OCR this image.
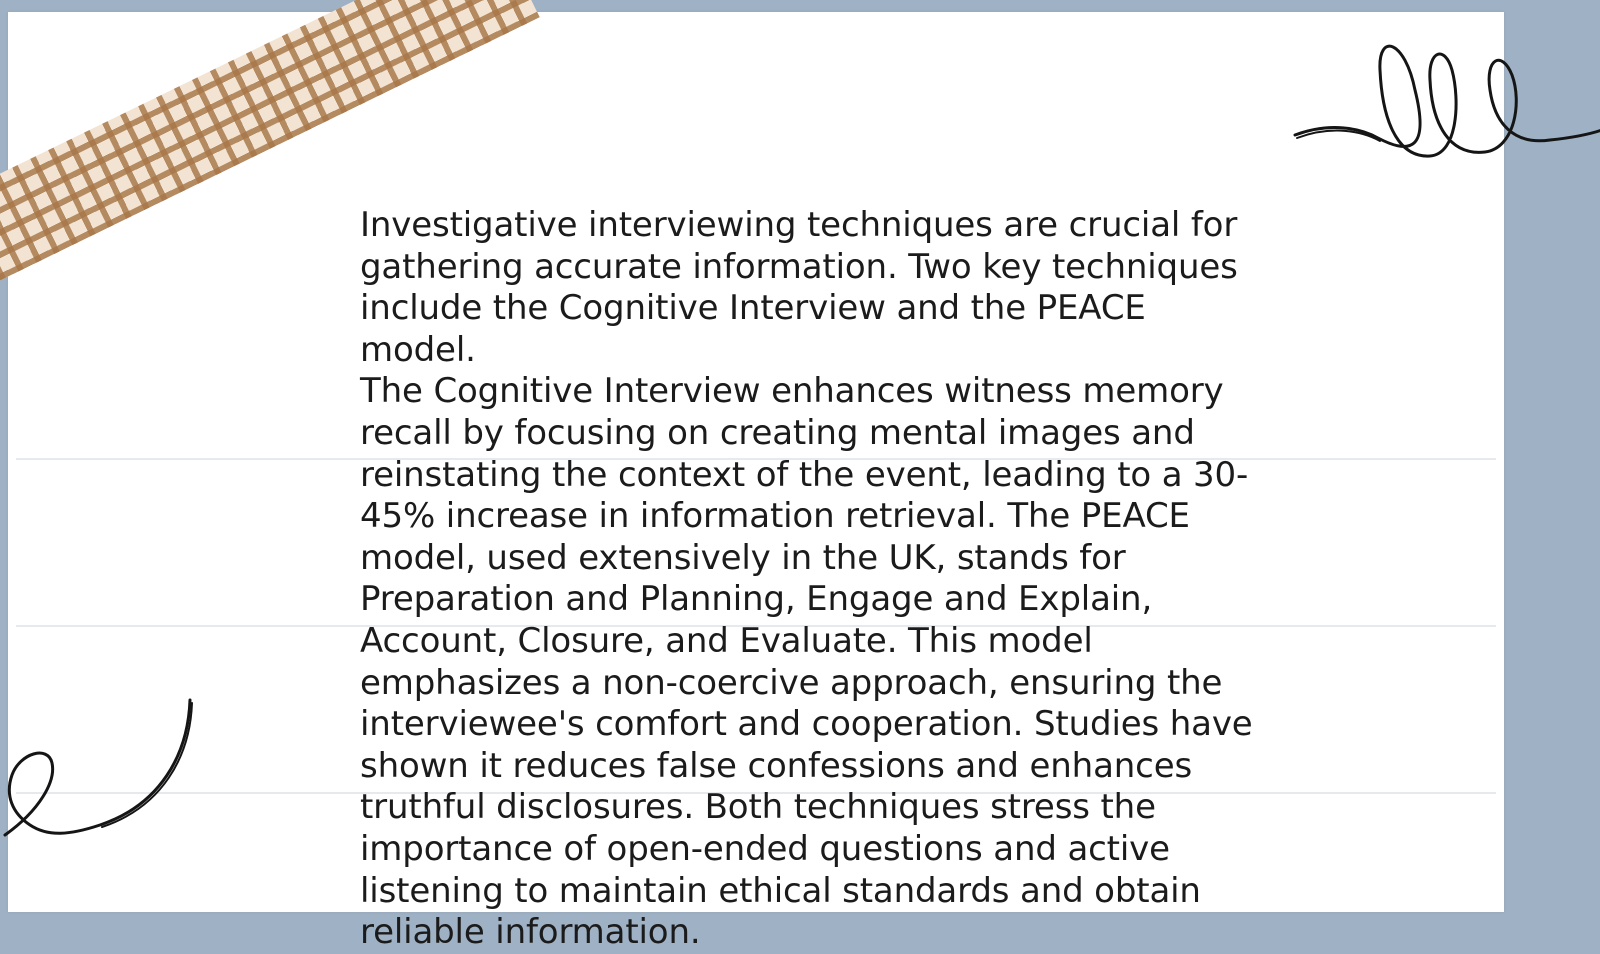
Investigative interviewing techniques are crucial for
gathering accurate information. Two key techniques
include the Cognitive Interview and the PEACE model.
The Cognitive Interview enhances witness memory
recall by focusing on creating mental images and
reinstating the context of the event, leading to a 30-
45% increase in information retrieval. The PEACE
model, used extensively in the UK, stands for
Preparation and Planning, Engage and Explain,
Account, Closure, and Evaluate. This model
emphasizes a non-coercive approach, ensuring the
interviewee's comfort and cooperation. Studies have
shown it reduces false confessions and enhances
truthful disclosures. Both techniques stress the
importance of open-ended questions and active
listening to maintain ethical standards and obtain
reliable information.
